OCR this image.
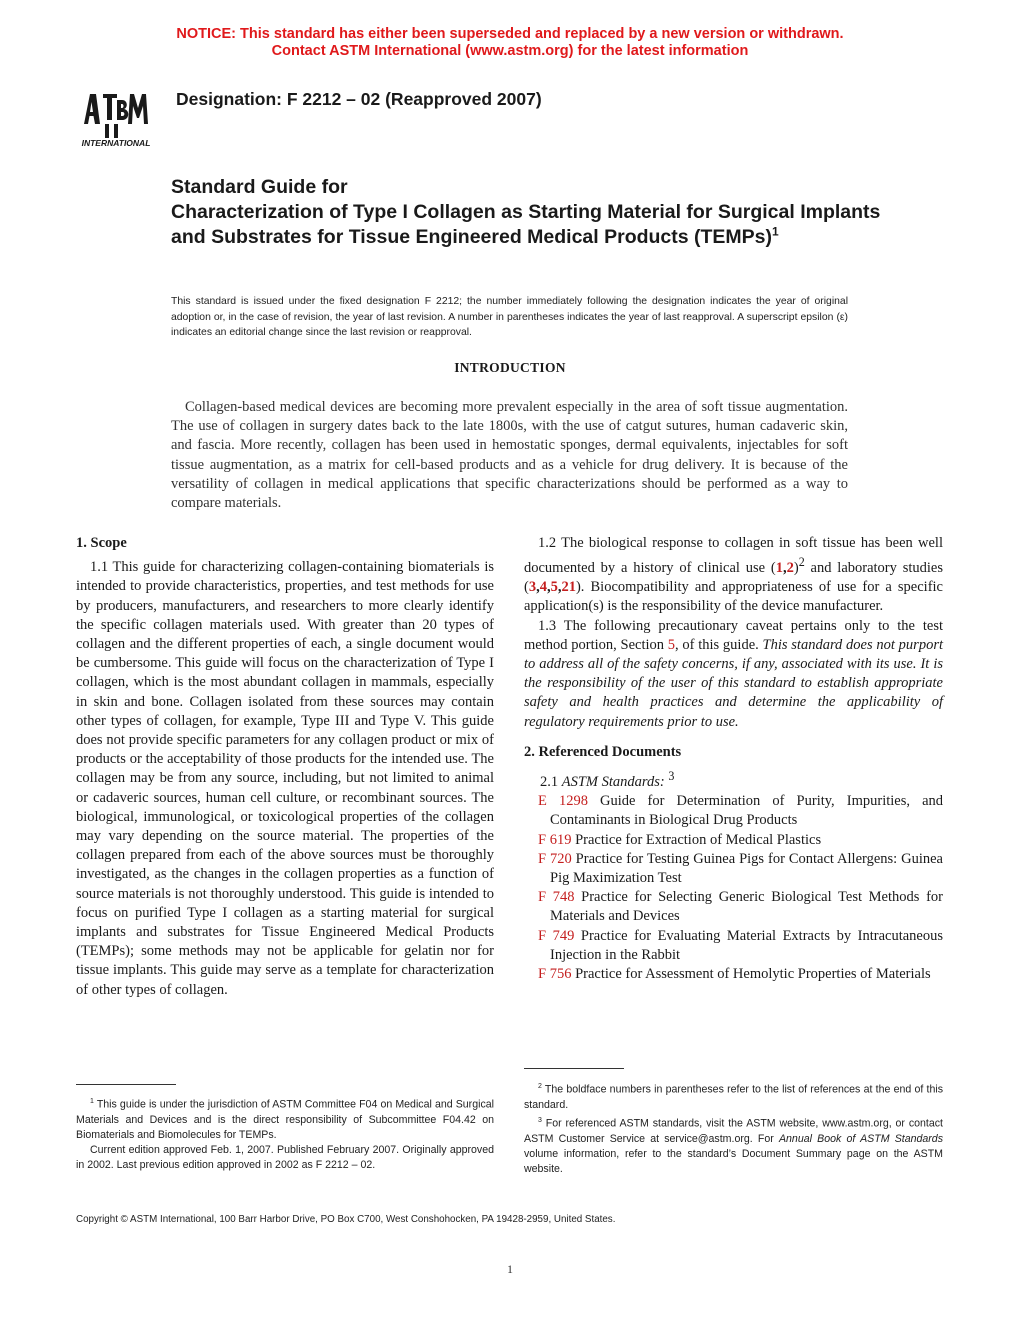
NOTICE: This standard has either been superseded and replaced by a new version or withdrawn.
Contact ASTM International (www.astm.org) for the latest information
INTERNATIONAL
Designation: F 2212 – 02 (Reapproved 2007)
Standard Guide for
Characterization of Type I Collagen as Starting Material for Surgical Implants and Substrates for Tissue Engineered Medical Products (TEMPs)$^1$
This standard is issued under the fixed designation F 2212; the number immediately following the designation indicates the year of original adoption or, in the case of revision, the year of last revision. A number in parentheses indicates the year of last reapproval. A superscript epsilon (ε) indicates an editorial change since the last revision or reapproval.
INTRODUCTION

Collagen-based medical devices are becoming more prevalent especially in the area of soft tissue augmentation. The use of collagen in surgery dates back to the late 1800s, with the use of catgut sutures, human cadaveric skin, and fascia. More recently, collagen has been used in hemostatic sponges, dermal equivalents, injectables for soft tissue augmentation, as a matrix for cell-based products and as a vehicle for drug delivery. It is because of the versatility of collagen in medical applications that specific characterizations should be performed as a way to compare materials.

1. Scope

1.1 This guide for characterizing collagen-containing biomaterials is intended to provide characteristics, properties, and test methods for use by producers, manufacturers, and researchers to more clearly identify the specific collagen materials used. With greater than 20 types of collagen and the different properties of each, a single document would be cumbersome. This guide will focus on the characterization of Type I collagen, which is the most abundant collagen in mammals, especially in skin and bone. Collagen isolated from these sources may contain other types of collagen, for example, Type III and Type V. This guide does not provide specific parameters for any collagen product or mix of products or the acceptability of those products for the intended use. The collagen may be from any source, including, but not limited to animal or cadaveric sources, human cell culture, or recombinant sources. The biological, immunological, or toxicological properties of the collagen may vary depending on the source material. The properties of the collagen prepared from each of the above sources must be thoroughly investigated, as the changes in the collagen properties as a function of source materials is not thoroughly understood. This guide is intended to focus on purified Type I collagen as a starting material for surgical implants and substrates for Tissue Engineered Medical Products (TEMPs); some methods may not be applicable for gelatin nor for tissue implants. This guide may serve as a template for characterization of other types of collagen.

1.2 The biological response to collagen in soft tissue has been well documented by a history of clinical use $(1,2)^2$ and laboratory studies (3,4,5,21). Biocompatibility and appropriateness of use for a specific application(s) is the responsibility of the device manufacturer.

1.3 The following precautionary caveat pertains only to the test method portion, Section 5, of this guide. This standard does not purport to address all of the safety concerns, if any, associated with its use. It is the responsibility of the user of this standard to establish appropriate safety and health practices and determine the applicability of regulatory requirements prior to use.

2. Referenced Documents
2.1 ASTM Standards: $^3$
E 1298 Guide for Determination of Purity, Impurities, and Contaminants in Biological Drug Products
F 619 Practice for Extraction of Medical Plastics
F 720 Practice for Testing Guinea Pigs for Contact Allergens: Guinea Pig Maximization Test
F 748 Practice for Selecting Generic Biological Test Methods for Materials and Devices
F 749 Practice for Evaluating Material Extracts by Intracutaneous Injection in the Rabbit
F 756 Practice for Assessment of Hemolytic Properties of Materials

$^1$ This guide is under the jurisdiction of ASTM Committee F04 on Medical and Surgical Materials and Devices and is the direct responsibility of Subcommittee F04.42 on Biomaterials and Biomolecules for TEMPs.

Current edition approved Feb. 1, 2007. Published February 2007. Originally approved in 2002. Last previous edition approved in 2002 as F 2212 – 02.

$^2$ The boldface numbers in parentheses refer to the list of references at the end of this standard.

$^3$ For referenced ASTM standards, visit the ASTM website, www.astm.org, or contact ASTM Customer Service at service@astm.org. For Annual Book of ASTM Standards volume information, refer to the standard’s Document Summary page on the ASTM website.

Copyright © ASTM International, 100 Barr Harbor Drive, PO Box C700, West Conshohocken, PA 19428-2959, United States.
1
